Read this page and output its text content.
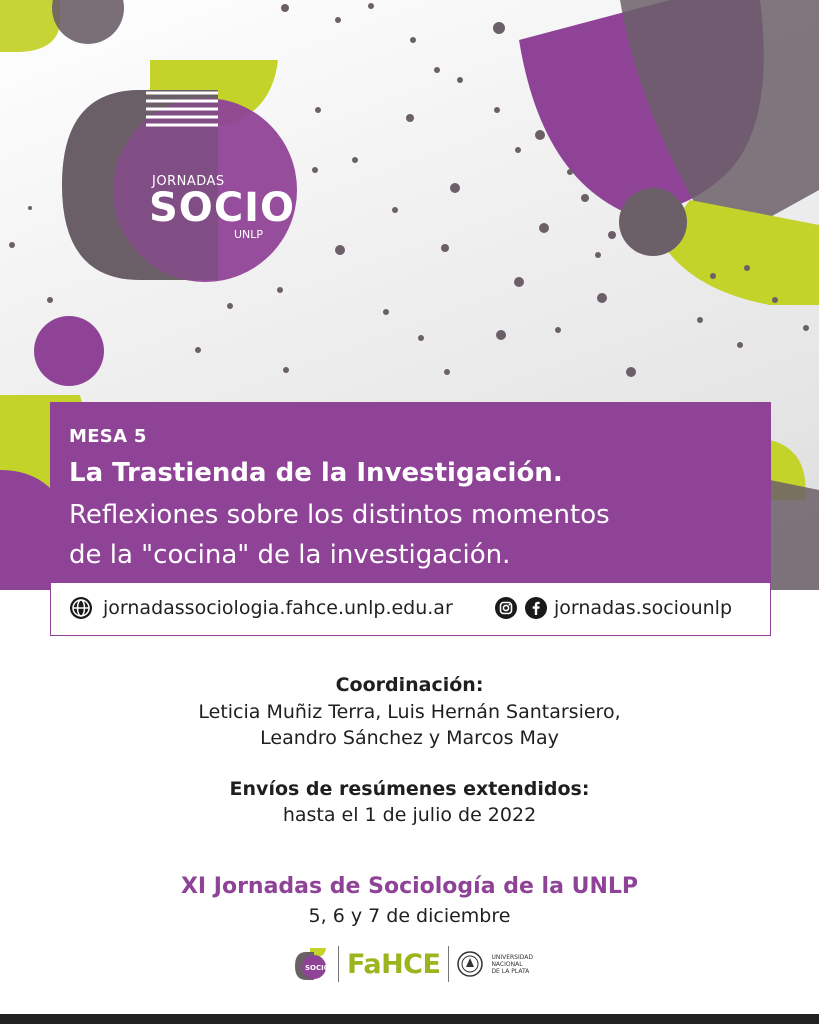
JORNADAS
SOCIO
UNLP
MESA 5
La Trastienda de la Investigación.
Reflexiones sobre los distintos momentos
de la "cocina" de la investigación.
jornadassociologia.fahce.unlp.edu.ar	jornadas.sociounlp
Coordinación:
Leticia Muñiz Terra, Luis Hernán Santarsiero,
Leandro Sánchez y Marcos May
Envíos de resúmenes extendidos:
hasta el 1 de julio de 2022
XI Jornadas de Sociología de la UNLP
5, 6 y 7 de diciembre
SOCIO FaHCE	UNIVERSIDAD
NACIONAL
DE LA PLATA
